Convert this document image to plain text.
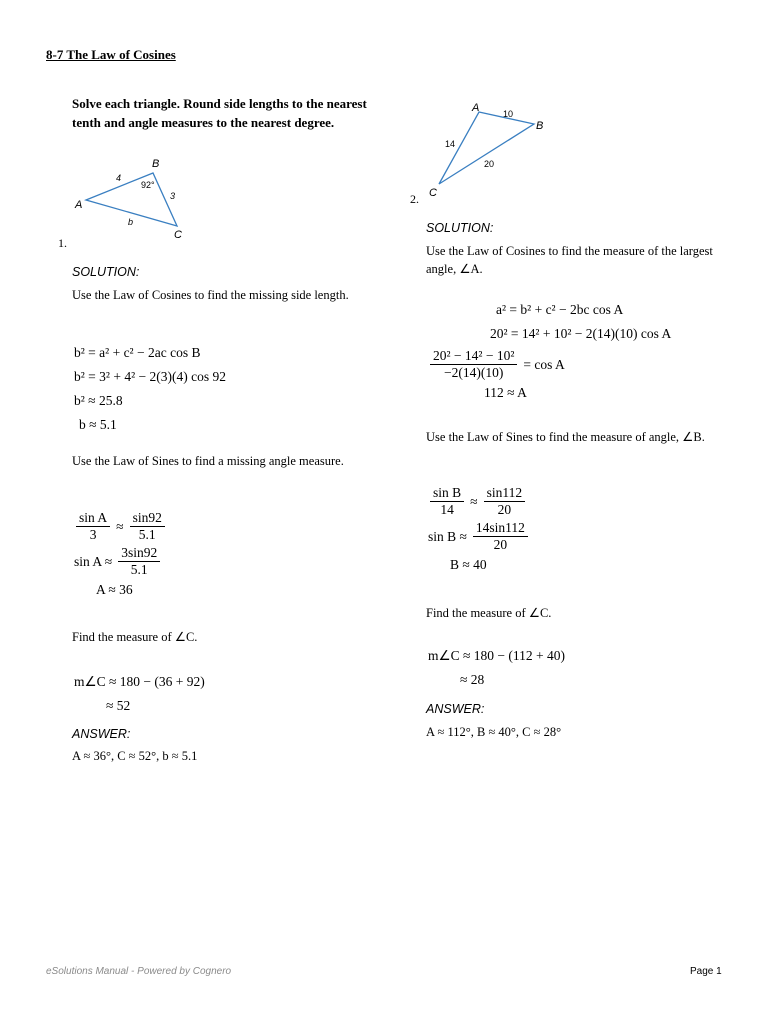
8-7 The Law of Cosines
Solve each triangle. Round side lengths to the nearest tenth and angle measures to the nearest degree.
A
B
C
4
3
b
92°
1.
SOLUTION:
Use the Law of Cosines to find the missing side length.
b² = a² + c² − 2ac cos B
b² = 3² + 4² − 2(3)(4) cos 92
b² ≈ 25.8
b ≈ 5.1
Use the Law of Sines to find a missing angle measure.
$\frac{\text{sin A}}{3} \approx \frac{\sin 92}{5.1}$
$\sin A \approx \frac{3\sin 92}{5.1}$
A ≈ 36
Find the measure of ∠C.
m∠C ≈ 180 − (36 + 92)
≈ 52
ANSWER:
A ≈ 36°, C ≈ 52°, b ≈ 5.1
A
B
C
10
14
20
2.
SOLUTION:
Use the Law of Cosines to find the measure of the largest angle, ∠A.
a² = b² + c² − 2bc cos A
20² = 14² + 10² − 2(14)(10) cos A
$\frac{\text{20² − 14² − 10²}}{-2(14)(10)} = \cos A$
112 ≈ A
Use the Law of Sines to find the measure of angle, ∠B.
$\frac{\text{sin B}}{14} \approx \frac{\sin 112}{20}$
$\sin B \approx \frac{14\sin 112}{20}$
B ≈ 40
Find the measure of ∠C.
m∠C ≈ 180 − (112 + 40)
≈ 28
ANSWER:
A ≈ 112°, B ≈ 40°, C ≈ 28°
eSolutions Manual - Powered by Cognero	Page 1
